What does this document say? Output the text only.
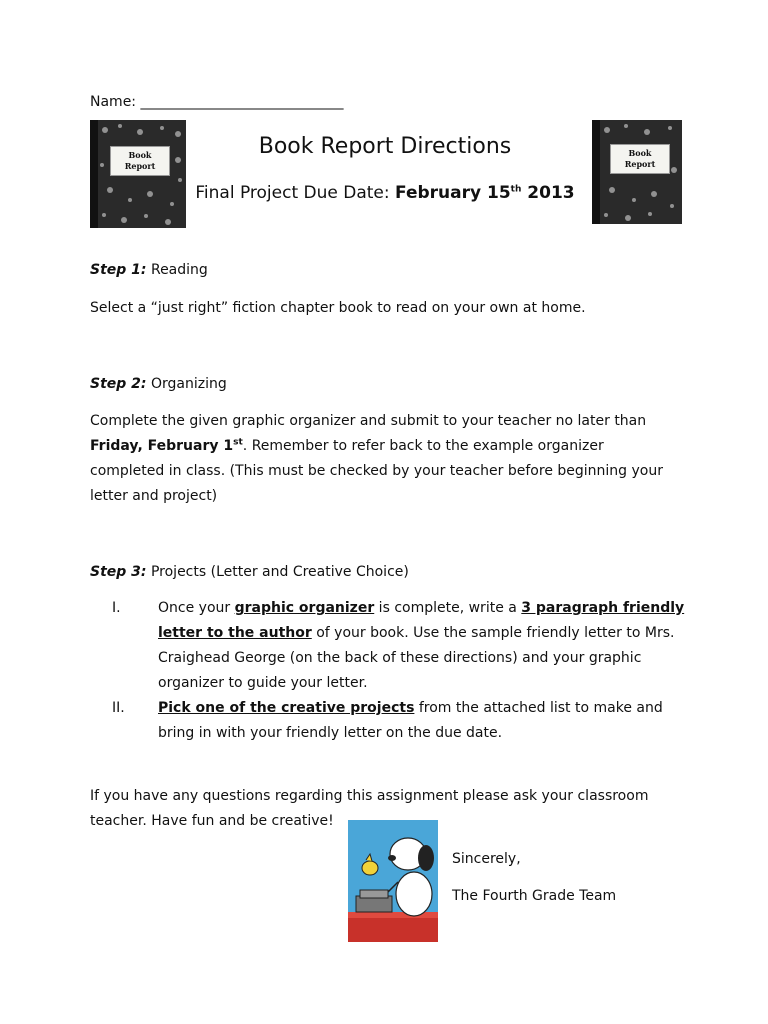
Name: _____________________________
Book
Report
Book
Report
Book Report Directions
Final Project Due Date: February 15th 2013
Step 1: Reading
Select a “just right” fiction chapter book to read on your own at home.
Step 2: Organizing
Complete the given graphic organizer and submit to your teacher no later than
Friday, February 1st. Remember to refer back to the example organizer
completed in class. (This must be checked by your teacher before beginning your
letter and project)
Step 3: Projects (Letter and Creative Choice)
I.	Once your graphic organizer is complete, write a 3 paragraph friendly
letter to the author of your book. Use the sample friendly letter to Mrs.
Craighead George (on the back of these directions) and your graphic
organizer to guide your letter.
II. Pick one of the creative projects from the attached list to make and
bring in with your friendly letter on the due date.
If you have any questions regarding this assignment please ask your classroom
teacher. Have fun and be creative!
Sincerely,
The Fourth Grade Team
